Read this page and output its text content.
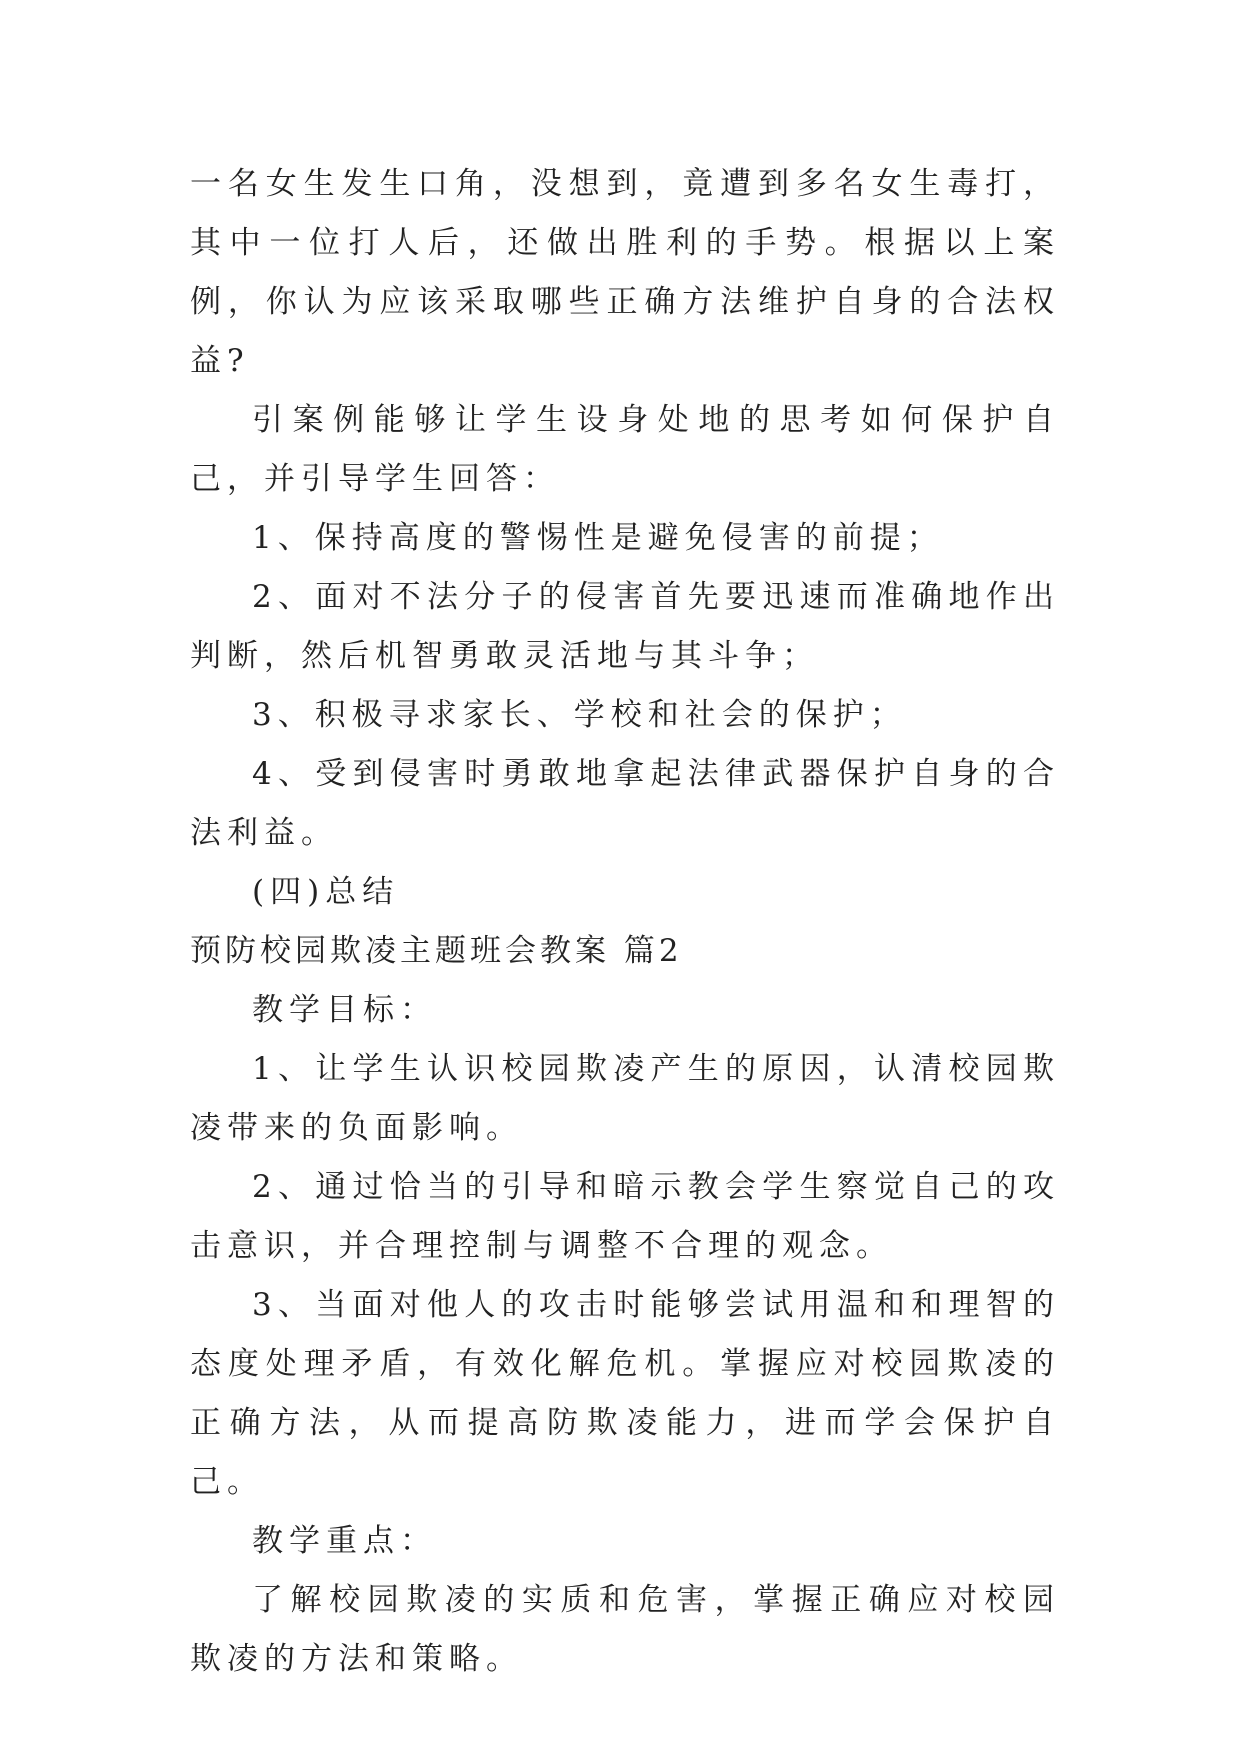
一名女生发生口角，没想到，竟遭到多名女生毒打，其中一位打人后，还做出胜利的手势。根据以上案例，你认为应该采取哪些正确方法维护自身的合法权益?

引案例能够让学生设身处地的思考如何保护自己，并引导学生回答：

1、保持高度的警惕性是避免侵害的前提；

2、面对不法分子的侵害首先要迅速而准确地作出判断，然后机智勇敢灵活地与其斗争；

3、积极寻求家长、学校和社会的保护；

4、受到侵害时勇敢地拿起法律武器保护自身的合法利益。

(四)总结

预防校园欺凌主题班会教案 篇2

教学目标：

1、让学生认识校园欺凌产生的原因，认清校园欺凌带来的负面影响。

2、通过恰当的引导和暗示教会学生察觉自己的攻击意识，并合理控制与调整不合理的观念。

3、当面对他人的攻击时能够尝试用温和和理智的态度处理矛盾，有效化解危机。掌握应对校园欺凌的正确方法，从而提高防欺凌能力，进而学会保护自己。

教学重点：

了解校园欺凌的实质和危害，掌握正确应对校园欺凌的方法和策略。
